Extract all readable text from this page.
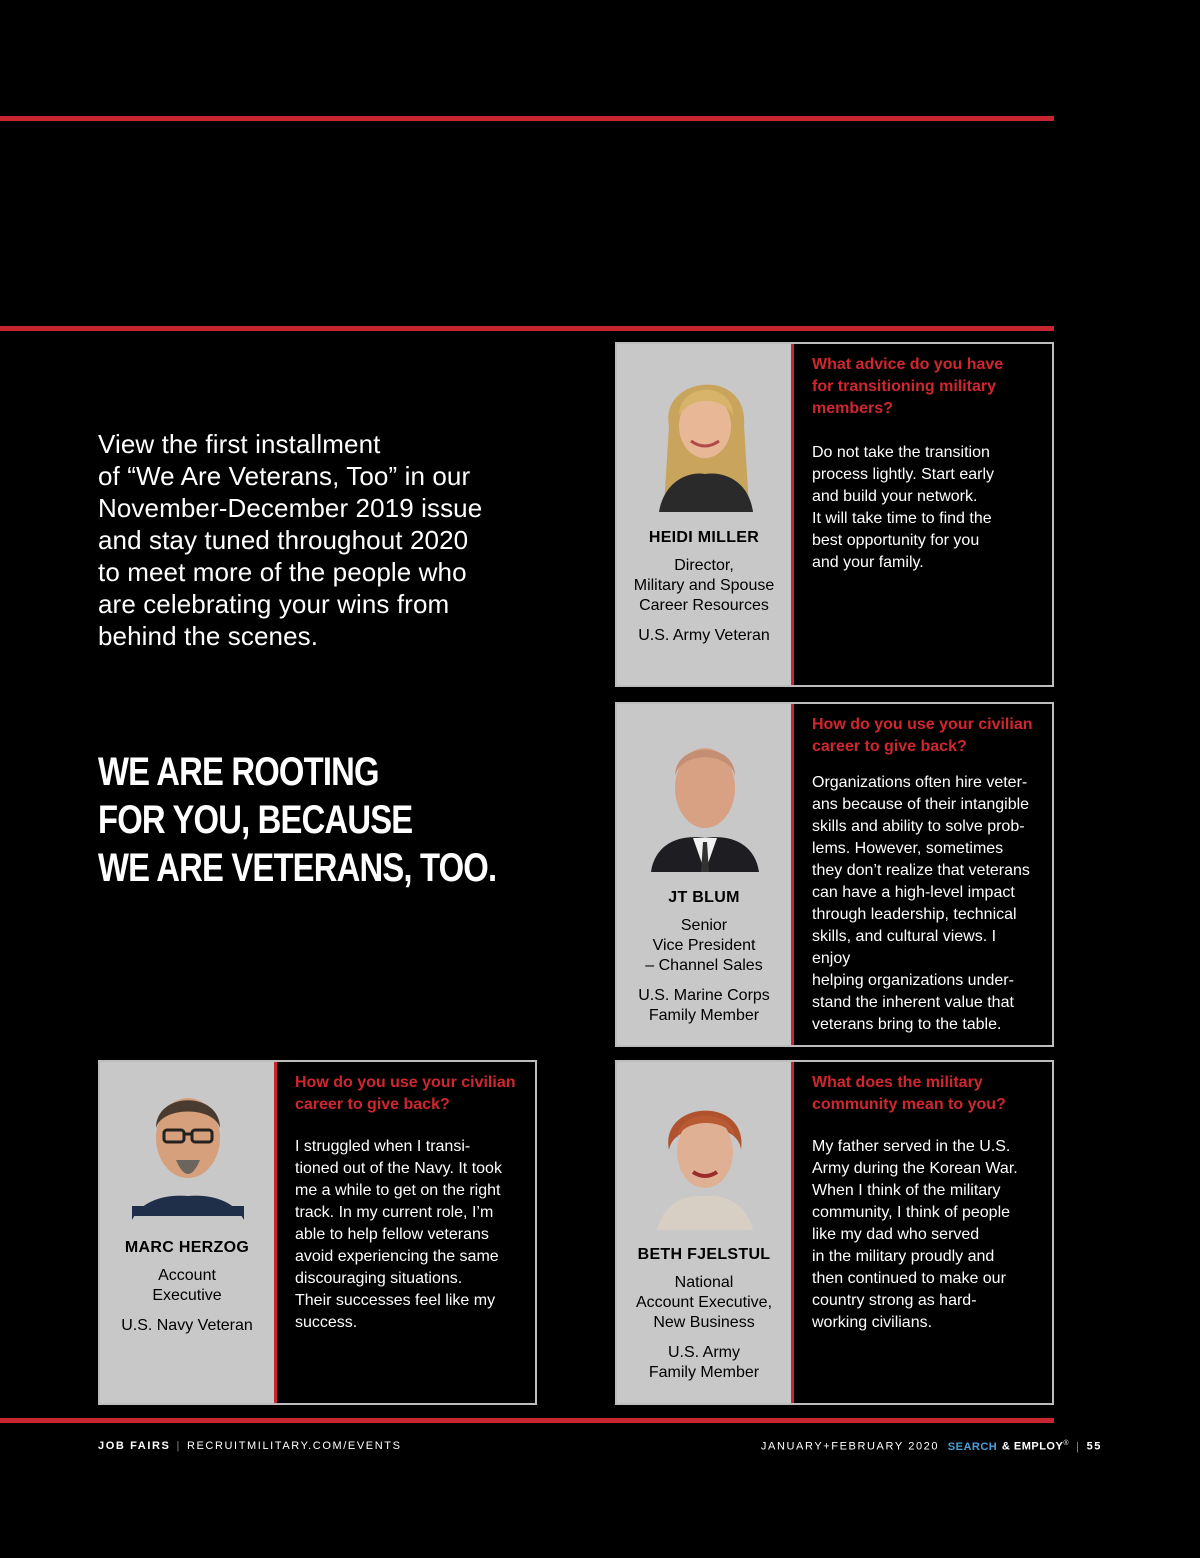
View the first installment
of “We Are Veterans, Too” in our
November-December 2019 issue
and stay tuned throughout 2020
to meet more of the people who
are celebrating your wins from
behind the scenes.
WE ARE ROOTING
FOR YOU, BECAUSE
WE ARE VETERANS, TOO.
HEIDI MILLER
Director,
Military and Spouse
Career Resources
U.S. Army Veteran
What advice do you have
for transitioning military
members?
Do not take the transition
process lightly. Start early
and build your network.
It will take time to find the
best opportunity for you
and your family.
JT BLUM
Senior
Vice President
– Channel Sales
U.S. Marine Corps
Family Member
How do you use your civilian
career to give back?
Organizations often hire veter-
ans because of their intangible
skills and ability to solve prob-
lems. However, sometimes
they don’t realize that veterans
can have a high-level impact
through leadership, technical
skills, and cultural views. I enjoy
helping organizations under-
stand the inherent value that
veterans bring to the table.
MARC HERZOG
Account
Executive
U.S. Navy Veteran
How do you use your civilian
career to give back?
I struggled when I transi-
tioned out of the Navy. It took
me a while to get on the right
track. In my current role, I’m
able to help fellow veterans
avoid experiencing the same
discouraging situations.
Their successes feel like my
success.
BETH FJELSTUL
National
Account Executive,
New Business
U.S. Army
Family Member
What does the military
community mean to you?
My father served in the U.S.
Army during the Korean War.
When I think of the military
community, I think of people
like my dad who served
in the military proudly and
then continued to make our
country strong as hard-
working civilians.
JOB FAIRS | RECRUITMILITARY.COM/EVENTS	JANUARY+FEBRUARY 2020 SEARCH & EMPLOY® | 55
